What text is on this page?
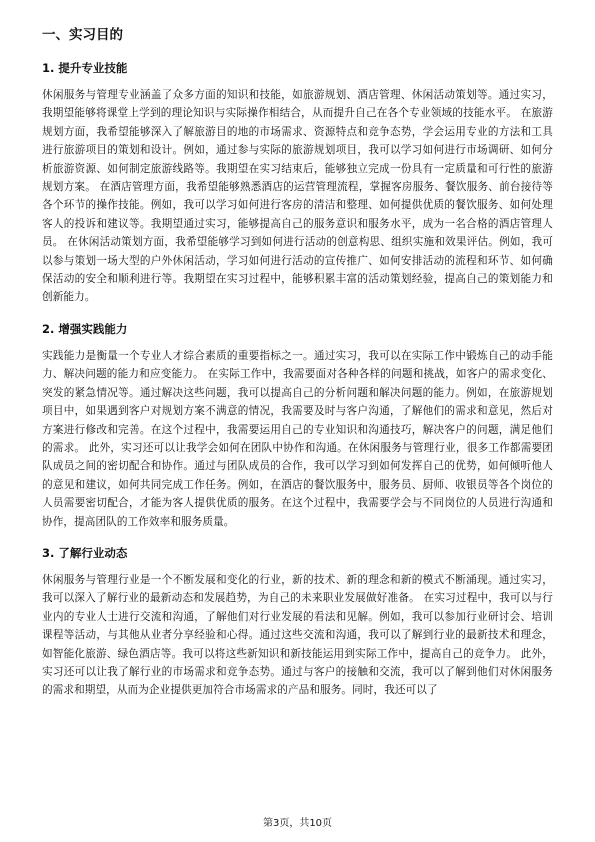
一、实习目的
1. 提升专业技能

休闲服务与管理专业涵盖了众多方面的知识和技能，如旅游规划、酒店管理、休闲活动策划等。通过实习，我期望能够将课堂上学到的理论知识与实际操作相结合，从而提升自己在各个专业领域的技能水平。 在旅游规划方面，我希望能够深入了解旅游目的地的市场需求、资源特点和竞争态势，学会运用专业的方法和工具进行旅游项目的策划和设计。例如，通过参与实际的旅游规划项目，我可以学习如何进行市场调研、如何分析旅游资源、如何制定旅游线路等。我期望在实习结束后，能够独立完成一份具有一定质量和可行性的旅游规划方案。 在酒店管理方面，我希望能够熟悉酒店的运营管理流程，掌握客房服务、餐饮服务、前台接待等各个环节的操作技能。例如，我可以学习如何进行客房的清洁和整理、如何提供优质的餐饮服务、如何处理客人的投诉和建议等。我期望通过实习，能够提高自己的服务意识和服务水平，成为一名合格的酒店管理人员。 在休闲活动策划方面，我希望能够学习到如何进行活动的创意构思、组织实施和效果评估。例如，我可以参与策划一场大型的户外休闲活动，学习如何进行活动的宣传推广、如何安排活动的流程和环节、如何确保活动的安全和顺利进行等。我期望在实习过程中，能够积累丰富的活动策划经验，提高自己的策划能力和创新能力。

2. 增强实践能力

实践能力是衡量一个专业人才综合素质的重要指标之一。通过实习，我可以在实际工作中锻炼自己的动手能力、解决问题的能力和应变能力。 在实际工作中，我需要面对各种各样的问题和挑战，如客户的需求变化、突发的紧急情况等。通过解决这些问题，我可以提高自己的分析问题和解决问题的能力。例如，在旅游规划项目中，如果遇到客户对规划方案不满意的情况，我需要及时与客户沟通，了解他们的需求和意见，然后对方案进行修改和完善。在这个过程中，我需要运用自己的专业知识和沟通技巧，解决客户的问题，满足他们的需求。 此外，实习还可以让我学会如何在团队中协作和沟通。在休闲服务与管理行业，很多工作都需要团队成员之间的密切配合和协作。通过与团队成员的合作，我可以学习到如何发挥自己的优势，如何倾听他人的意见和建议，如何共同完成工作任务。例如，在酒店的餐饮服务中，服务员、厨师、收银员等各个岗位的人员需要密切配合，才能为客人提供优质的服务。在这个过程中，我需要学会与不同岗位的人员进行沟通和协作，提高团队的工作效率和服务质量。

3. 了解行业动态

休闲服务与管理行业是一个不断发展和变化的行业，新的技术、新的理念和新的模式不断涌现。通过实习，我可以深入了解行业的最新动态和发展趋势，为自己的未来职业发展做好准备。 在实习过程中，我可以与行业内的专业人士进行交流和沟通，了解他们对行业发展的看法和见解。例如，我可以参加行业研讨会、培训课程等活动，与其他从业者分享经验和心得。通过这些交流和沟通，我可以了解到行业的最新技术和理念，如智能化旅游、绿色酒店等。我可以将这些新知识和新技能运用到实际工作中，提高自己的竞争力。 此外，实习还可以让我了解行业的市场需求和竞争态势。通过与客户的接触和交流，我可以了解到他们对休闲服务的需求和期望，从而为企业提供更加符合市场需求的产品和服务。同时，我还可以了

第3页，共10页
